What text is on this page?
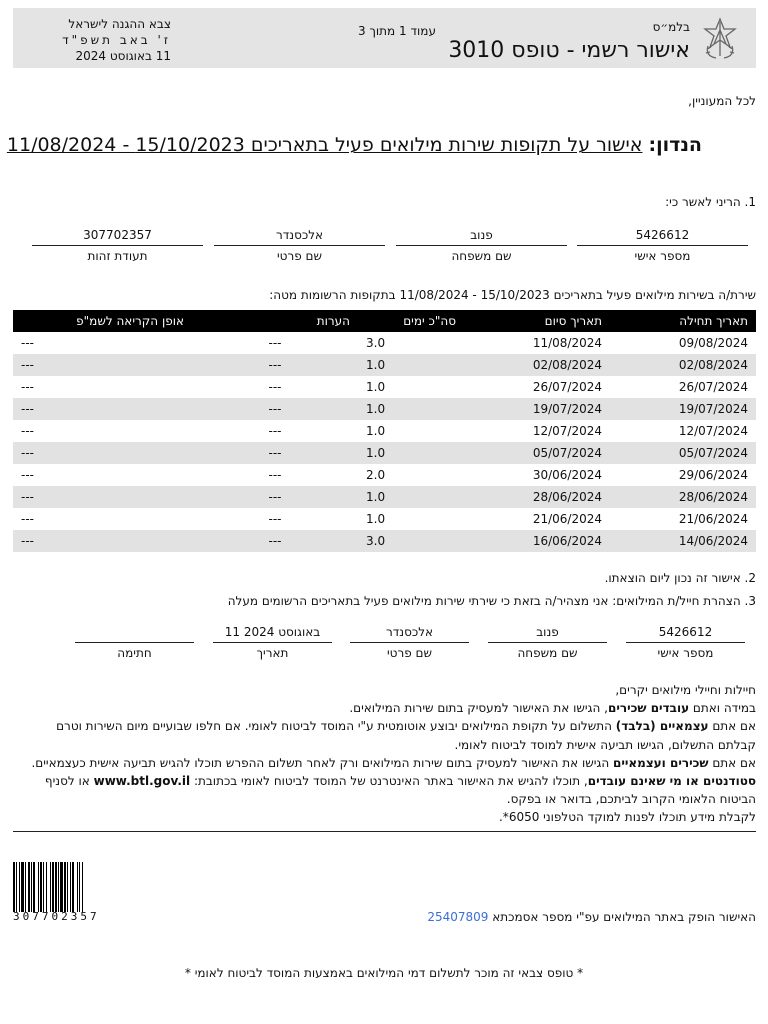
בלמ״ס
אישור רשמי - טופס 3010
עמוד 1 מתוך 3
צבא ההגנה לישראל
ז' באב תשפ"ד
11 באוגוסט 2024
לכל המעוניין,
הנדון: אישור על תקופות שירות מילואים פעיל בתאריכים 15/10/2023 - 11/08/2024
1. הריני לאשר כי:
5426612
מספר אישי
פנוב
שם משפחה
אלכסנדר
שם פרטי
307702357
תעודת זהות
שירת/ה בשירות מילואים פעיל בתאריכים 15/10/2023 - 11/08/2024 בתקופות הרשומות מטה:
תאריך תחילה	תאריך סיום	סה"כ ימים	הערות	אופן הקריאה לשמ"פ
09/08/2024	11/08/2024	3.0	---	---
02/08/2024	02/08/2024	1.0	---	---
26/07/2024	26/07/2024	1.0	---	---
19/07/2024	19/07/2024	1.0	---	---
12/07/2024	12/07/2024	1.0	---	---
05/07/2024	05/07/2024	1.0	---	---
29/06/2024	30/06/2024	2.0	---	---
28/06/2024	28/06/2024	1.0	---	---
21/06/2024	21/06/2024	1.0	---	---
14/06/2024	16/06/2024	3.0	---	---
2. אישור זה נכון ליום הוצאתו.
3. הצהרת חייל/ת המילואים: אני מצהיר/ה בזאת כי שירתי שירות מילואים פעיל בתאריכים הרשומים מעלה
5426612
מספר אישי
פנוב
שם משפחה
אלכסנדר
שם פרטי
11 באוגוסט 2024
תאריך
חתימה

חיילות וחיילי מילואים יקרים,

במידה ואתם עובדים שכירים, הגישו את האישור למעסיק בתום שירות המילואים.

אם אתם עצמאיים (בלבד) התשלום על תקופת המילואים יבוצע אוטומטית ע"י המוסד לביטוח לאומי. אם חלפו שבועיים מיום השירות וטרם קבלתם התשלום, הגישו תביעה אישית למוסד לביטוח לאומי.

אם אתם שכירים ועצמאיים הגישו את האישור למעסיק בתום שירות המילואים ורק לאחר תשלום ההפרש תוכלו להגיש תביעה אישית כעצמאיים.

סטודנטים או מי שאינם עובדים, תוכלו להגיש את האישור באתר האינטרנט של המוסד לביטוח לאומי בכתובת: www.btl.gov.il או לסניף הביטוח הלאומי הקרוב לביתכם, בדואר או בפקס.

לקבלת מידע תוכלו לפנות למוקד הטלפוני 6050*.

307702357	האישור הופק באתר המילואים עפ"י מספר אסמכתא 25407809
* טופס צבאי זה מוכר לתשלום דמי המילואים באמצעות המוסד לביטוח לאומי *
